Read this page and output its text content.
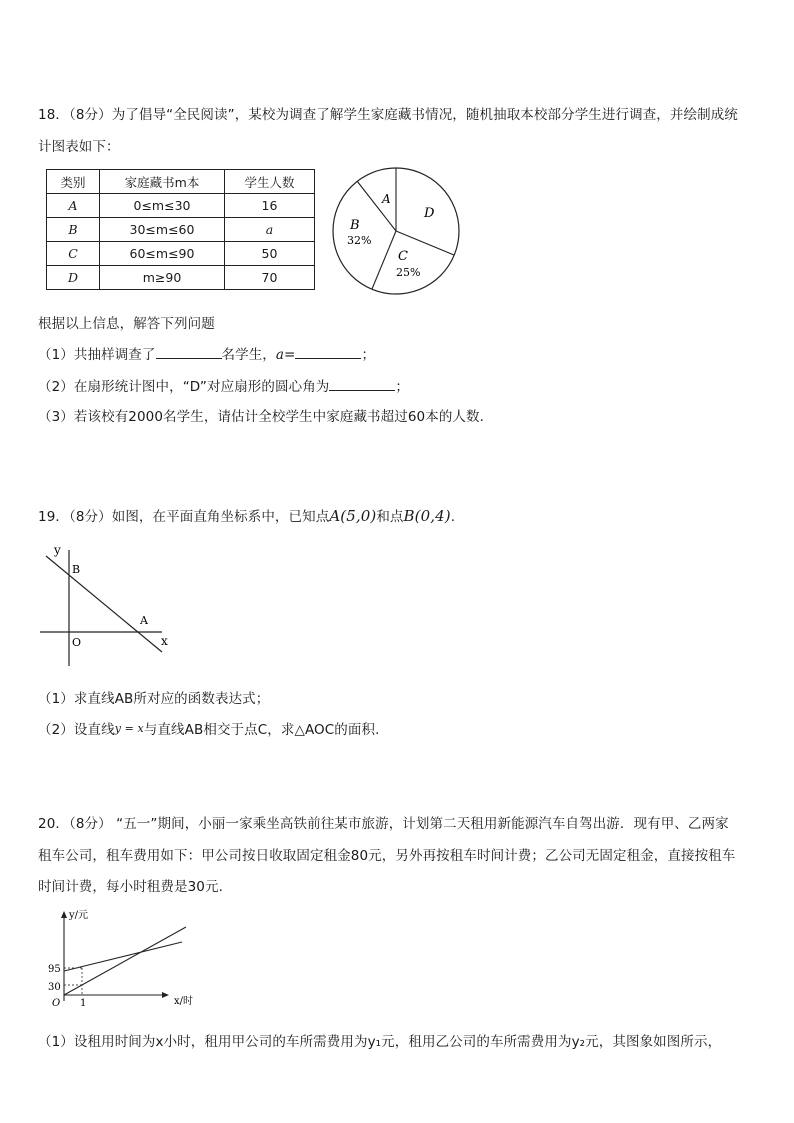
18．（8分）为了倡导“全民阅读”，某校为调查了解学生家庭藏书情况，随机抽取本校部分学生进行调查，并绘制成统
计图表如下：
类别	家庭藏书m本	学生人数
A	0≤m≤30	16
B	30≤m≤60	a
C	60≤m≤90	50
D	m≥90	70
A
D
C
25%
B
32%
根据以上信息，解答下列问题
（1）共抽样调查了	名学生，a=	；
（2）在扇形统计图中，“D”对应扇形的圆心角为	；
（3）若该校有2000名学生，请估计全校学生中家庭藏书超过60本的人数．
19．（8分）如图，在平面直角坐标系中，已知点A(5,0)和点B(0,4).
y
x
O
B
A
（1）求直线AB所对应的函数表达式；
（2）设直线y = x与直线AB相交于点C，求△AOC的面积.
20．（8分） “五一”期间，小丽一家乘坐高铁前往某市旅游，计划第二天租用新能源汽车自驾出游．现有甲、乙两家
租车公司，租车费用如下：甲公司按日收取固定租金80元，另外再按租车时间计费；乙公司无固定租金，直接按租车
时间计费，每小时租费是30元.
y/元
x/时
O
95
30
1
（1）设租用时间为x小时，租用甲公司的车所需费用为y₁元，租用乙公司的车所需费用为y₂元，其图象如图所示，
